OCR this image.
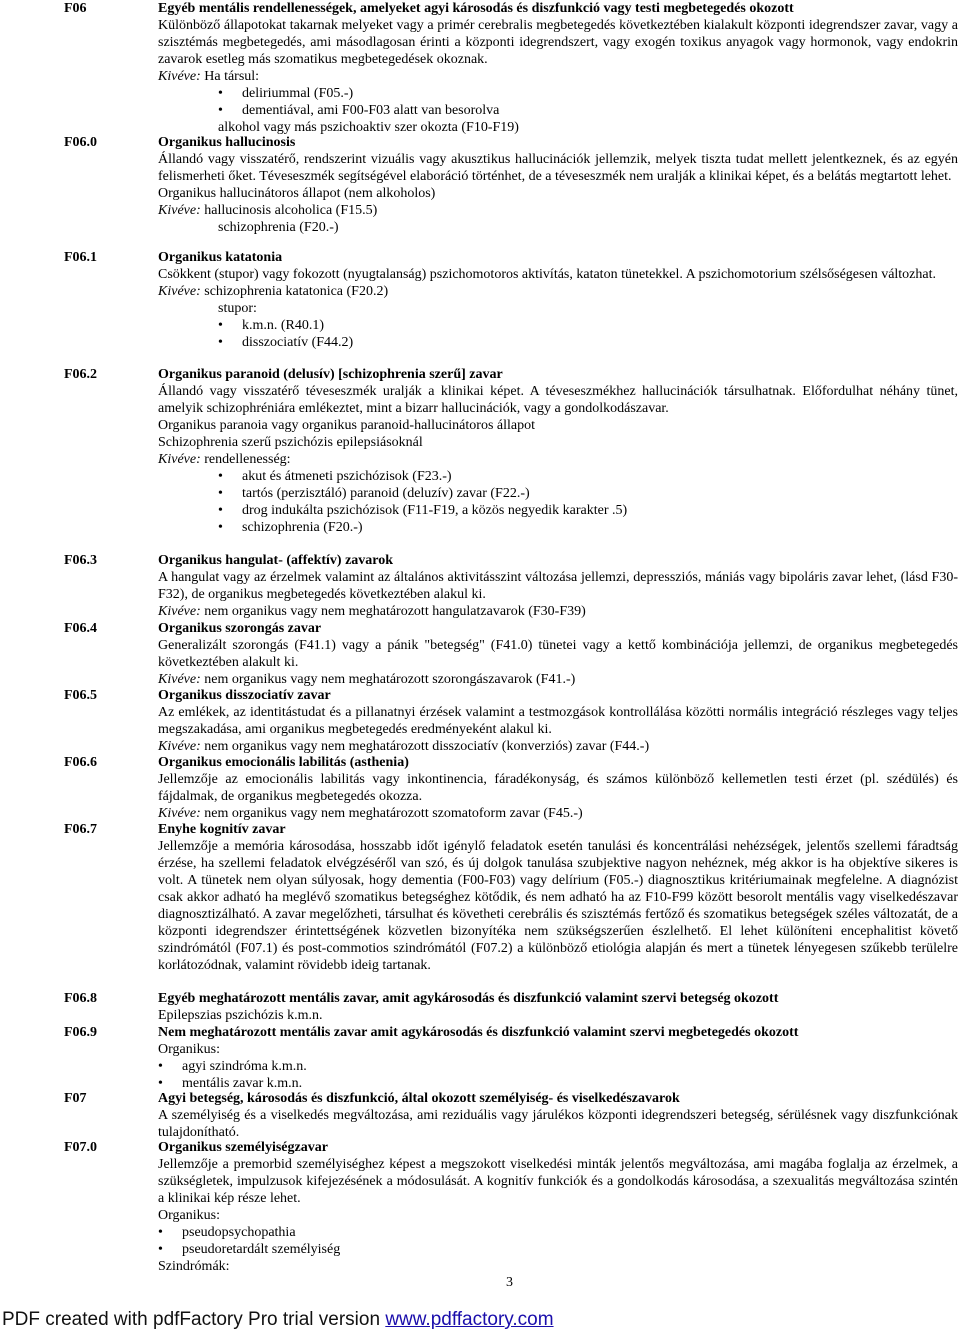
F06	Egyéb mentális rendellenességek, amelyeket agyi károsodás és diszfunkció vagy testi megbetegedés okozott

Különböző állapotokat takarnak melyeket vagy a primér cerebralis megbetegedés következtében kialakult központi idegrendszer zavar, vagy a szisztémás megbetegedés, ami másodlagosan érinti a központi idegrendszert, vagy exogén toxikus anyagok vagy hormonok, vagy endokrin zavarok esetleg más szomatikus megbetegedések okoznak.

Kivéve: Ha társul:

• deliriummal (F05.-)
• dementiával, ami F00-F03 alatt van besorolva

alkohol vagy más pszichoaktiv szer okozta (F10-F19)

F06.0	Organikus hallucinosis

Állandó vagy visszatérő, rendszerint vizuális vagy akusztikus hallucinációk jellemzik, melyek tiszta tudat mellett jelentkeznek, és az egyén felismerheti őket. Téveseszmék segítségével elaboráció történhet, de a téveseszmék nem uralják a klinikai képet, és a belátás megtartott lehet.

Organikus hallucinátoros állapot (nem alkoholos)

Kivéve: hallucinosis alcoholica (F15.5)

schizophrenia (F20.-)

F06.1	Organikus katatonia

Csökkent (stupor) vagy fokozott (nyugtalanság) pszichomotoros aktivítás, kataton tünetekkel. A pszichomotorium szélsőségesen változhat.

Kivéve: schizophrenia katatonica (F20.2)

stupor:

• k.m.n. (R40.1)
• disszociatív (F44.2)
F06.2	Organikus paranoid (delusív) [schizophrenia szerű] zavar

Állandó vagy visszatérő téveseszmék uralják a klinikai képet. A téveseszmékhez hallucinációk társulhatnak. Előfordulhat néhány tünet, amelyik schizophréniára emlékeztet, mint a bizarr hallucinációk, vagy a gondolkodászavar.

Organikus paranoia vagy organikus paranoid-hallucinátoros állapot

Schizophrenia szerű pszichózis epilepsiásoknál

Kivéve: rendellenesség:

• akut és átmeneti pszichózisok (F23.-)
• tartós (perzisztáló) paranoid (deluzív) zavar (F22.-)
• drog indukálta pszichózisok (F11-F19, a közös negyedik karakter .5)
• schizophrenia (F20.-)
F06.3	Organikus hangulat- (affektív) zavarok

A hangulat vagy az érzelmek valamint az általános aktivitásszint változása jellemzi, depressziós, mániás vagy bipoláris zavar lehet, (lásd F30-F32), de organikus megbetegedés következtében alakul ki.

Kivéve: nem organikus vagy nem meghatározott hangulatzavarok (F30-F39)

F06.4	Organikus szorongás zavar

Generalizált szorongás (F41.1) vagy a pánik "betegség" (F41.0) tünetei vagy a kettő kombinációja jellemzi, de organikus megbetegedés következtében alakult ki.

Kivéve: nem organikus vagy nem meghatározott szorongászavarok (F41.-)

F06.5	Organikus disszociatív zavar

Az emlékek, az identitástudat és a pillanatnyi érzések valamint a testmozgások kontrollálása közötti normális integráció részleges vagy teljes megszakadása, ami organikus megbetegedés eredményeként alakul ki.

Kivéve: nem organikus vagy nem meghatározott disszociatív (konverziós) zavar (F44.-)

F06.6	Organikus emocionális labilitás (asthenia)

Jellemzője az emocionális labilitás vagy inkontinencia, fáradékonyság, és számos különböző kellemetlen testi érzet (pl. szédülés) és fájdalmak, de organikus megbetegedés okozza.

Kivéve: nem organikus vagy nem meghatározott szomatoform zavar (F45.-)

F06.7	Enyhe kognitív zavar

Jellemzője a memória károsodása, hosszabb időt igénylő feladatok esetén tanulási és koncentrálási nehézségek, jelentős szellemi fáradtság érzése, ha szellemi feladatok elvégzéséről van szó, és új dolgok tanulása szubjektive nagyon nehéznek, még akkor is ha objektíve sikeres is volt. A tünetek nem olyan súlyosak, hogy dementia (F00-F03) vagy delírium (F05.-) diagnosztikus kritériumainak megfelelne. A diagnózist csak akkor adható ha meglévő szomatikus betegséghez kötődik, és nem adható ha az F10-F99 között besorolt mentális vagy viselkedészavar diagnosztizálható. A zavar megelőzheti, társulhat és követheti cerebrális és szisztémás fertőző és szomatikus betegségek széles változatát, de a központi idegrendszer érintettségének közvetlen bizonyítéka nem szükségszerűen észlelhető. El lehet különíteni encephalitist követő szindrómától (F07.1) és post-commotios szindrómától (F07.2) a különböző etiológia alapján és mert a tünetek lényegesen szűkebb terülelre korlátozódnak, valamint rövidebb ideig tartanak.

F06.8	Egyéb meghatározott mentális zavar, amit agykárosodás és diszfunkció valamint szervi betegség okozott

Epilepszias pszichózis k.m.n.

F06.9	Nem meghatározott mentális zavar amit agykárosodás és diszfunkció valamint szervi megbetegedés okozott

Organikus:

• agyi szindróma k.m.n.
• mentális zavar k.m.n.
F07	Agyi betegség, károsodás és diszfunkció, által okozott személyiség- és viselkedészavarok

A személyiség és a viselkedés megváltozása, ami reziduális vagy járulékos központi idegrendszeri betegség, sérülésnek vagy diszfunkciónak tulajdonítható.

F07.0	Organikus személyiségzavar

Jellemzője a premorbid személyiséghez képest a megszokott viselkedési minták jelentős megváltozása, ami magába foglalja az érzelmek, a szükségletek, impulzusok kifejezésének a módosulását. A kognitív funkciók és a gondolkodás károsodása, a szexualitás megváltozása szintén a klinikai kép része lehet.

Organikus:

• pseudopsychopathia
• pseudoretardált személyiség

Szindrómák:

3
PDF created with pdfFactory Pro trial version www.pdffactory.com
